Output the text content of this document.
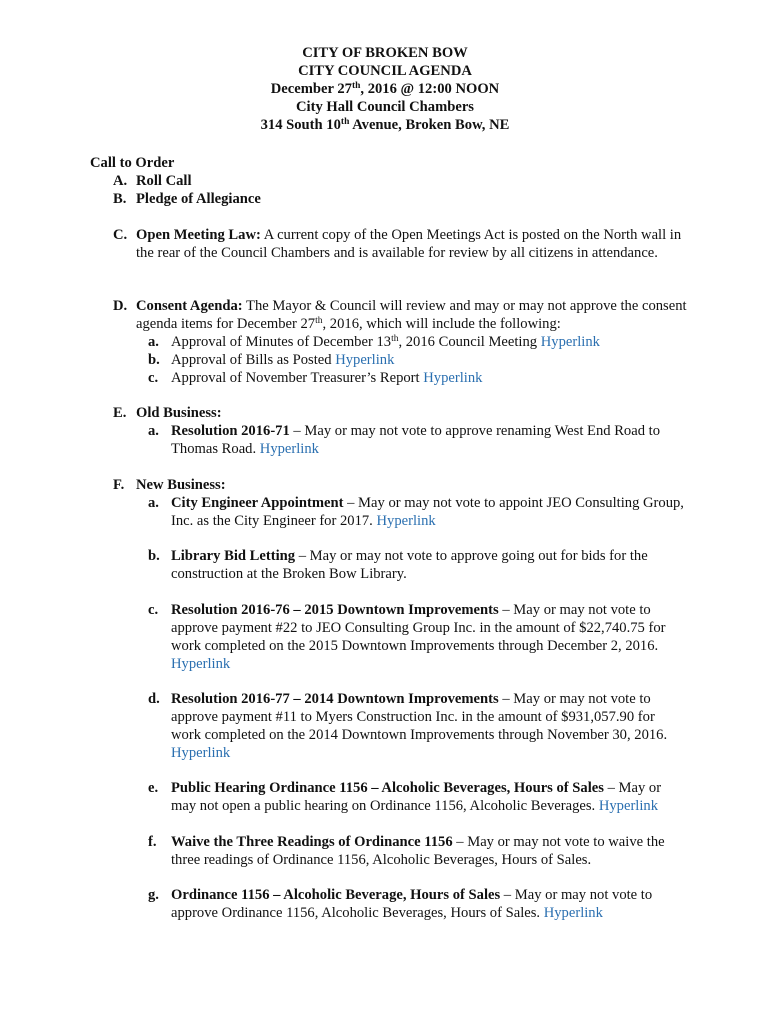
CITY OF BROKEN BOW
CITY COUNCIL AGENDA
December 27th, 2016 @ 12:00 NOON
City Hall Council Chambers
314 South 10th Avenue, Broken Bow, NE
Call to Order
A. Roll Call
B. Pledge of Allegiance
C. Open Meeting Law: A current copy of the Open Meetings Act is posted on the North wall in the rear of the Council Chambers and is available for review by all citizens in attendance.
D. Consent Agenda: The Mayor & Council will review and may or may not approve the consent agenda items for December 27th, 2016, which will include the following:
a. Approval of Minutes of December 13th, 2016 Council Meeting Hyperlink
b. Approval of Bills as Posted Hyperlink
c. Approval of November Treasurer’s Report Hyperlink
E. Old Business:
a. Resolution 2016-71 – May or may not vote to approve renaming West End Road to Thomas Road. Hyperlink
F. New Business:
a. City Engineer Appointment – May or may not vote to appoint JEO Consulting Group, Inc. as the City Engineer for 2017. Hyperlink
b. Library Bid Letting – May or may not vote to approve going out for bids for the construction at the Broken Bow Library.
c. Resolution 2016-76 – 2015 Downtown Improvements – May or may not vote to approve payment #22 to JEO Consulting Group Inc. in the amount of $22,740.75 for work completed on the 2015 Downtown Improvements through December 2, 2016. Hyperlink
d. Resolution 2016-77 – 2014 Downtown Improvements – May or may not vote to approve payment #11 to Myers Construction Inc. in the amount of $931,057.90 for work completed on the 2014 Downtown Improvements through November 30, 2016. Hyperlink
e. Public Hearing Ordinance 1156 – Alcoholic Beverages, Hours of Sales – May or may not open a public hearing on Ordinance 1156, Alcoholic Beverages. Hyperlink
f. Waive the Three Readings of Ordinance 1156 – May or may not vote to waive the three readings of Ordinance 1156, Alcoholic Beverages, Hours of Sales.
g. Ordinance 1156 – Alcoholic Beverage, Hours of Sales – May or may not vote to approve Ordinance 1156, Alcoholic Beverages, Hours of Sales. Hyperlink
